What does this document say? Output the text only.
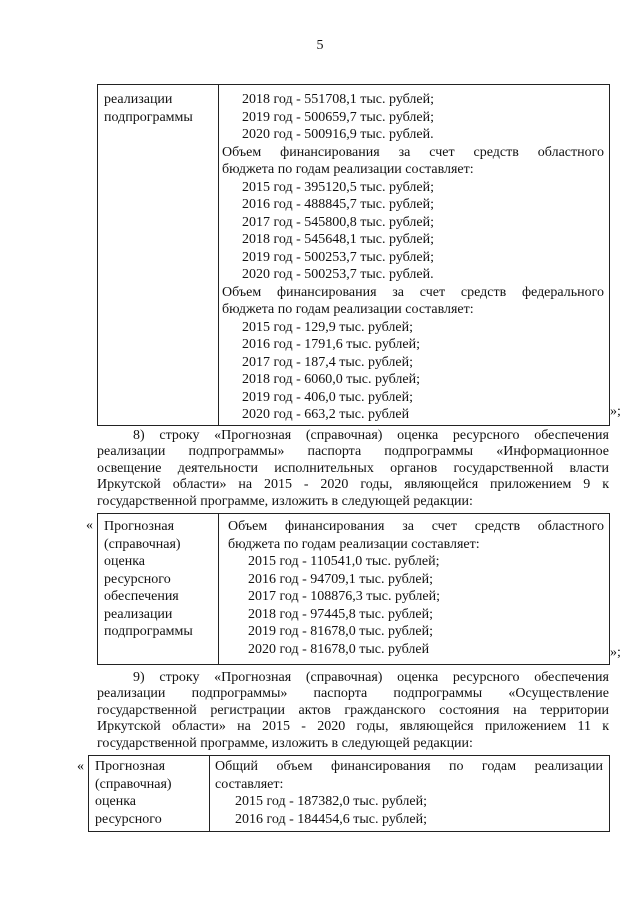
5
реализации
подпрограммы
2018 год - 551708,1 тыс. рублей;
2019 год - 500659,7 тыс. рублей;
2020 год - 500916,9 тыс. рублей.
Объем финансирования за счет средств областного
бюджета по годам реализации составляет:
2015 год - 395120,5 тыс. рублей;
2016 год - 488845,7 тыс. рублей;
2017 год - 545800,8 тыс. рублей;
2018 год - 545648,1 тыс. рублей;
2019 год - 500253,7 тыс. рублей;
2020 год - 500253,7 тыс. рублей.
Объем финансирования за счет средств федерального
бюджета по годам реализации составляет:
2015 год - 129,9 тыс. рублей;
2016 год - 1791,6 тыс. рублей;
2017 год - 187,4 тыс. рублей;
2018 год - 6060,0 тыс. рублей;
2019 год - 406,0 тыс. рублей;
2020 год - 663,2 тыс. рублей	»;
8) строку «Прогнозная (справочная) оценка ресурсного обеспечения
реализации подпрограммы» паспорта подпрограммы «Информационное
освещение деятельности исполнительных органов государственной власти
Иркутской области» на 2015 - 2020 годы, являющейся приложением 9 к
государственной программе, изложить в следующей редакции:
« Прогнозная
(справочная)
оценка
ресурсного
обеспечения
реализации
подпрограммы
Объем финансирования за счет средств областного
бюджета по годам реализации составляет:
2015 год - 110541,0 тыс. рублей;
2016 год - 94709,1 тыс. рублей;
2017 год - 108876,3 тыс. рублей;
2018 год - 97445,8 тыс. рублей;
2019 год - 81678,0 тыс. рублей;
2020 год - 81678,0 тыс. рублей	»;
9) строку «Прогнозная (справочная) оценка ресурсного обеспечения
реализации подпрограммы» паспорта подпрограммы «Осуществление
государственной регистрации актов гражданского состояния на территории
Иркутской области» на 2015 - 2020 годы, являющейся приложением 11 к
государственной программе, изложить в следующей редакции:
« Прогнозная
(справочная)
оценка
ресурсного
Общий объем финансирования по годам реализации
составляет:
2015 год - 187382,0 тыс. рублей;
2016 год - 184454,6 тыс. рублей;
